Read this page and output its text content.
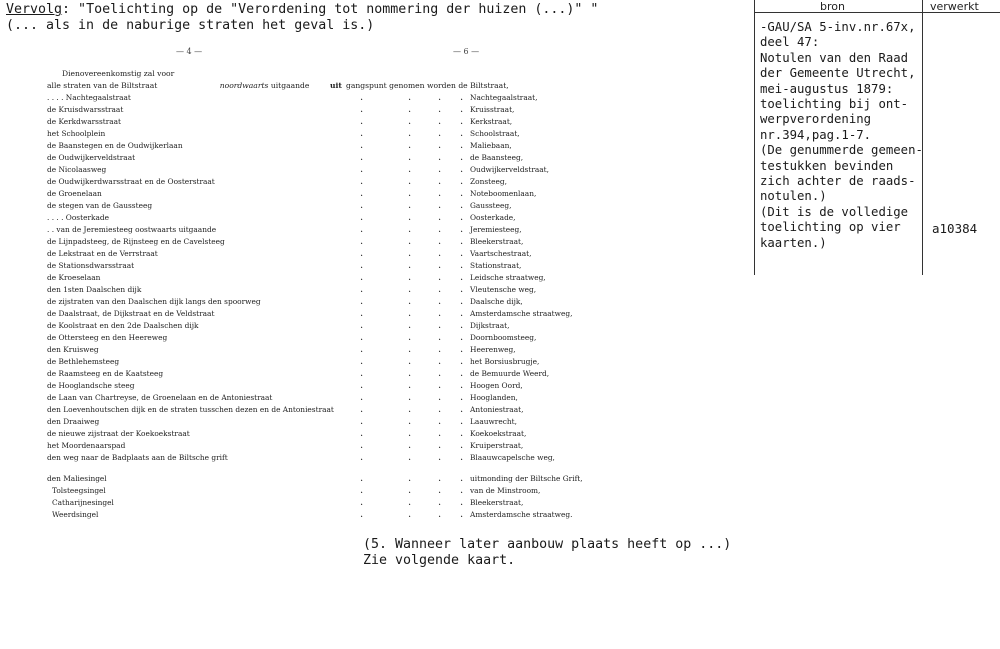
Vervolg: "Toelichting op de "Verordening tot nommering der huizen (...)" "
(... als in de naburige straten het geval is.)
bron	verwerkt
-GAU/SA 5-inv.nr.67x,
deel 47:
Notulen van den Raad
der Gemeente Utrecht,
mei-augustus 1879:
toelichting bij ont-
werpverordening
nr.394,pag.1-7.
(De genummerde gemeen-
testukken bevinden
zich achter de raads-
notulen.)
(Dit is de volledige
toelichting op vier
kaarten.)
a10384
— 4 —	— 6 —
Dienovereenkomstig zal voor
alle straten van de Biltstraat	noordwaarts uitgaande	uit gangspunt genomen worden de Biltstraat,
. . . . Nachtegaalstraat	.	.	. . Nachtegaalstraat,
de Kruisdwarsstraat	.	.	. . Kruisstraat,
de Kerkdwarsstraat	.	.	. . Kerkstraat,
het Schoolplein	.	.	. . Schoolstraat,
de Baanstegen en de Oudwijkerlaan	.	.	. . Maliebaan,
de Oudwijkerveldstraat	.	.	. . de Baansteeg,
de Nicolaasweg	.	.	. . Oudwijkerveldstraat,
de Oudwijkerdwarsstraat en de Oosterstraat	.	.	. . Zonsteeg,
de Groenelaan	.	.	. . Noteboomenlaan,
de stegen van de Gaussteeg	.	.	. . Gaussteeg,
. . . . Oosterkade	.	.	. . Oosterkade,
. . van de Jeremiesteeg oostwaarts uitgaande	.	.	. . Jeremiesteeg,
de Lijnpadsteeg, de Rijnsteeg en de Cavelsteeg	.	.	. . Bleekerstraat,
de Lekstraat en de Verrstraat	.	.	. . Vaartschestraat,
de Stationsdwarsstraat	.	.	. . Stationstraat,
de Kroeselaan	.	.	. . Leidsche straatweg,
den 1sten Daalschen dijk	.	.	. . Vleutensche weg,
de zijstraten van den Daalschen dijk langs den spoorweg	.	.	. . Daalsche dijk,
de Daalstraat, de Dijkstraat en de Veldstraat	.	.	. . Amsterdamsche straatweg,
de Koolstraat en den 2de Daalschen dijk	.	.	. . Dijkstraat,
de Ottersteeg en den Heereweg	.	.	. . Doornboomsteeg,
den Kruisweg	.	.	. . Heerenweg,
de Bethlehemsteeg	.	.	. . het Borsiusbrugje,
de Raamsteeg en de Kaatsteeg	.	.	. . de Bemuurde Weerd,
de Hooglandsche steeg	.	.	. . Hoogen Oord,
de Laan van Chartreyse, de Groenelaan en de Antoniestraat	.	.	. . Hooglanden,
den Loevenhoutschen dijk en de straten tusschen dezen en de Antoniestraat	.	.	. . Antoniestraat,
den Draaiweg	.	.	. . Laauwrecht,
de nieuwe zijstraat der Koekoekstraat	.	.	. . Koekoekstraat,
het Moordenaarspad	.	.	. . Kruiperstraat,
den weg naar de Badplaats aan de Biltsche grift	.	.	. . Blaauwcapelsche weg,
den Maliesingel	.	.	. . uitmonding der Biltsche Grift,
Tolsteegsingel	.	.	. . van de Minstroom,
Catharijnesingel	.	.	. . Bleekerstraat,
Weerdsingel	.	.	. . Amsterdamsche straatweg.
(5. Wanneer later aanbouw plaats heeft op ...)
Zie volgende kaart.
